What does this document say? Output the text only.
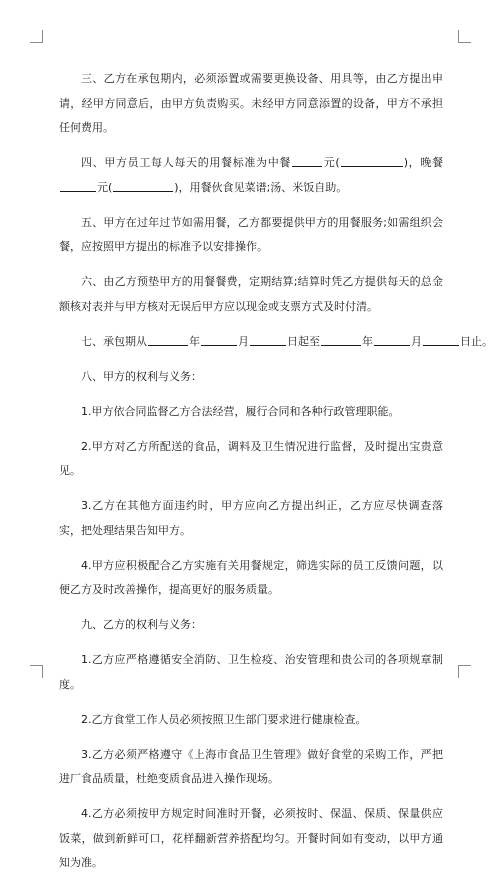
三、乙方在承包期内，必须添置或需要更换设备、用具等，由乙方提出申请，经甲方同意后，由甲方负责购买。未经甲方同意添置的设备，甲方不承担任何费用。

四、甲方员工每人每天的用餐标准为中餐	元(	)，晚餐元(	)，用餐伙食见菜谱;汤、米饭自助。

五、甲方在过年过节如需用餐，乙方都要提供甲方的用餐服务;如需组织会餐，应按照甲方提出的标准予以安排操作。

六、由乙方预垫甲方的用餐餐费，定期结算;结算时凭乙方提供每天的总金额核对表并与甲方核对无误后甲方应以现金或支票方式及时付清。

七、承包期从	年	月	日起至	年	月	日止。

八、甲方的权利与义务：

1.甲方依合同监督乙方合法经营，履行合同和各种行政管理职能。

2.甲方对乙方所配送的食品，调料及卫生情况进行监督，及时提出宝贵意见。

3.乙方在其他方面违约时，甲方应向乙方提出纠正，乙方应尽快调查落实，把处理结果告知甲方。

4.甲方应积极配合乙方实施有关用餐规定，筛选实际的员工反馈问题，以便乙方及时改善操作，提高更好的服务质量。

九、乙方的权利与义务：

1.乙方应严格遵循安全消防、卫生检疫、治安管理和贵公司的各项规章制度。

2.乙方食堂工作人员必须按照卫生部门要求进行健康检查。

3.乙方必须严格遵守《上海市食品卫生管理》做好食堂的采购工作，严把进厂食品质量，杜绝变质食品进入操作现场。

4.乙方必须按甲方规定时间准时开餐，必须按时、保温、保质、保量供应饭菜，做到新鲜可口，花样翻新营养搭配均匀。开餐时间如有变动，以甲方通知为准。
